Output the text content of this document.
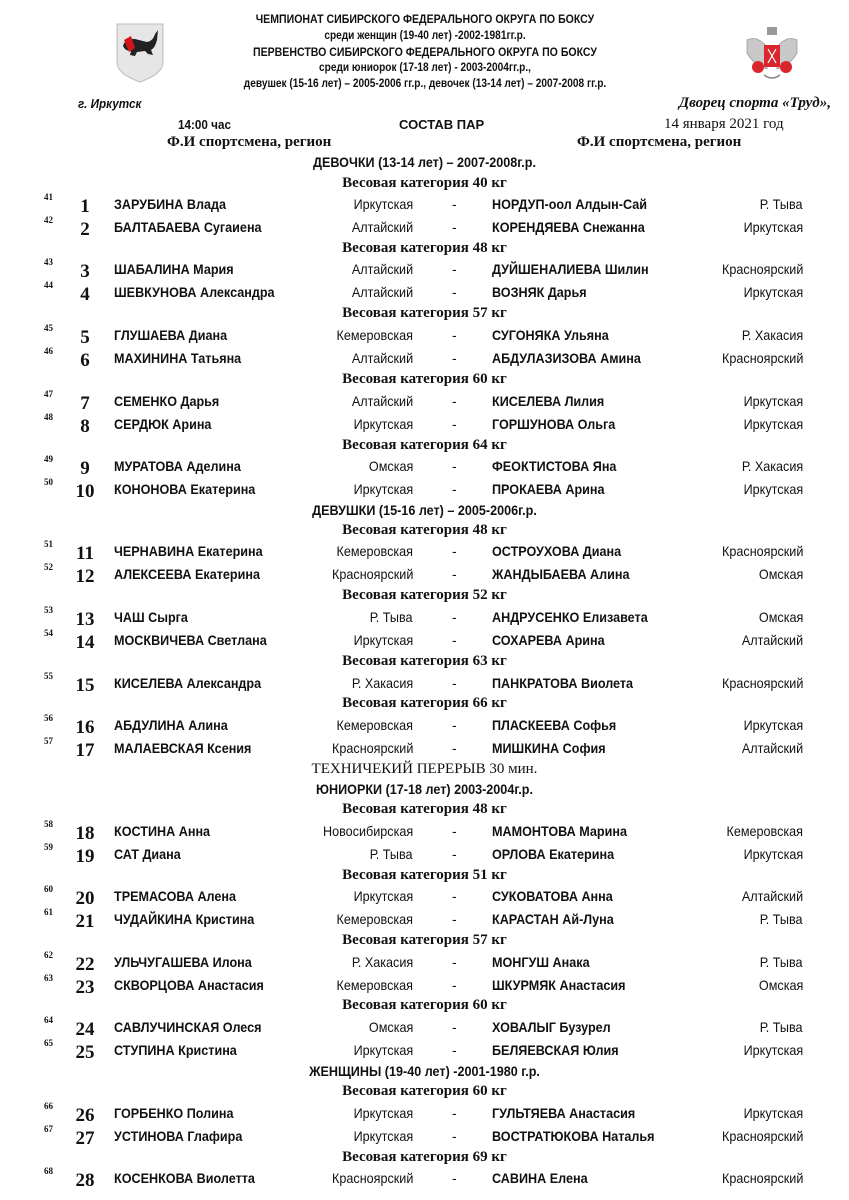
ЧЕМПИОНАТ СИБИРСКОГО ФЕДЕРАЛЬНОГО ОКРУГА ПО БОКСУ
среди женщин (19-40 лет) -2002-1981гг.р.
ПЕРВЕНСТВО СИБИРСКОГО ФЕДЕРАЛЬНОГО ОКРУГА ПО БОКСУ
среди юниорок (17-18 лет) - 2003-2004гг.р.,
девушек (15-16 лет) – 2005-2006 гг.р., девочек (13-14 лет) – 2007-2008 гг.р.
г. Иркутск	Дворец спорта «Труд»,
14:00 час	СОСТАВ ПАР	14 января 2021 год
Ф.И спортсмена, регион	Ф.И спортсмена, регион
ДЕВОЧКИ (13-14 лет) – 2007-2008г.р.
ДЕВУШКИ (15-16 лет) – 2005-2006г.р.
ЮНИОРКИ (17-18 лет) 2003-2004г.р.
ЖЕНЩИНЫ (19-40 лет) -2001-1980 г.р.
ТЕХНИЧЕКИЙ ПЕРЕРЫВ 30 мин.
Весовая категория 40 кг
Весовая категория 48 кг
Весовая категория 57 кг
Весовая категория 60 кг
Весовая категория 64 кг
Весовая категория 48 кг
Весовая категория 52 кг
Весовая категория 63 кг
Весовая категория 66 кг
Весовая категория 48 кг
Весовая категория 51 кг
Весовая категория 57 кг
Весовая категория 60 кг
Весовая категория 60 кг
Весовая категория 69 кг
41	1	ЗАРУБИНА Влада	Иркутская	-	НОРДУП-оол Алдын-Сай	Р. Тыва
42	2	БАЛТАБАЕВА Сугаиена	Алтайский	-	КОРЕНДЯЕВА Снежанна	Иркутская
43	3	ШАБАЛИНА Мария	Алтайский	-	ДУЙШЕНАЛИЕВА Шилин	Красноярский
44	4	ШЕВКУНОВА Александра	Алтайский	-	ВОЗНЯК Дарья	Иркутская
45	5	ГЛУШАЕВА Диана	Кемеровская	-	СУГОНЯКА Ульяна	Р. Хакасия
46	6	МАХИНИНА Татьяна	Алтайский	-	АБДУЛАЗИЗОВА Амина	Красноярский
47	7	СЕМЕНКО Дарья	Алтайский	-	КИСЕЛЕВА Лилия	Иркутская
48	8	СЕРДЮК Арина	Иркутская	-	ГОРШУНОВА Ольга	Иркутская
49	9	МУРАТОВА Аделина	Омская	-	ФЕОКТИСТОВА Яна	Р. Хакасия
50 10	КОНОНОВА Екатерина	Иркутская	-	ПРОКАЕВА Арина	Иркутская
51	11	ЧЕРНАВИНА Екатерина	Кемеровская	-	ОСТРОУХОВА Диана	Красноярский
52 12	АЛЕКСЕЕВА Екатерина	Красноярский	-	ЖАНДЫБАЕВА Алина	Омская
53 13	ЧАШ Сырга	Р. Тыва	-	АНДРУСЕНКО Елизавета	Омская
54 14	МОСКВИЧЕВА Светлана	Иркутская	-	СОХАРЕВА Арина	Алтайский
55 15	КИСЕЛЕВА Александра	Р. Хакасия	-	ПАНКРАТОВА Виолета	Красноярский
56 16	АБДУЛИНА Алина	Кемеровская	-	ПЛАСКЕЕВА Софья	Иркутская
57 17	МАЛАЕВСКАЯ Ксения	Красноярский	-	МИШКИНА София	Алтайский
58 18	КОСТИНА Анна	Новосибирская	-	МАМОНТОВА Марина	Кемеровская
59 19	САТ Диана	Р. Тыва	-	ОРЛОВА Екатерина	Иркутская
60 20	ТРЕМАСОВА Алена	Иркутская	-	СУКОВАТОВА Анна	Алтайский
61 21	ЧУДАЙКИНА Кристина	Кемеровская	-	КАРАСТАН Ай-Луна	Р. Тыва
62 22	УЛЬЧУГАШЕВА Илона	Р. Хакасия	-	МОНГУШ Анака	Р. Тыва
63 23	СКВОРЦОВА Анастасия	Кемеровская	-	ШКУРМЯК Анастасия	Омская
64 24	САВЛУЧИНСКАЯ Олеся	Омская	-	ХОВАЛЫГ Бузурел	Р. Тыва
65 25	СТУПИНА Кристина	Иркутская	-	БЕЛЯЕВСКАЯ Юлия	Иркутская
66 26	ГОРБЕНКО Полина	Иркутская	-	ГУЛЬТЯЕВА Анастасия	Иркутская
67 27	УСТИНОВА Глафира	Иркутская	-	ВОСТРАТЮКОВА Наталья	Красноярский
68 28	КОСЕНКОВА Виолетта	Красноярский	-	САВИНА Елена	Красноярский
